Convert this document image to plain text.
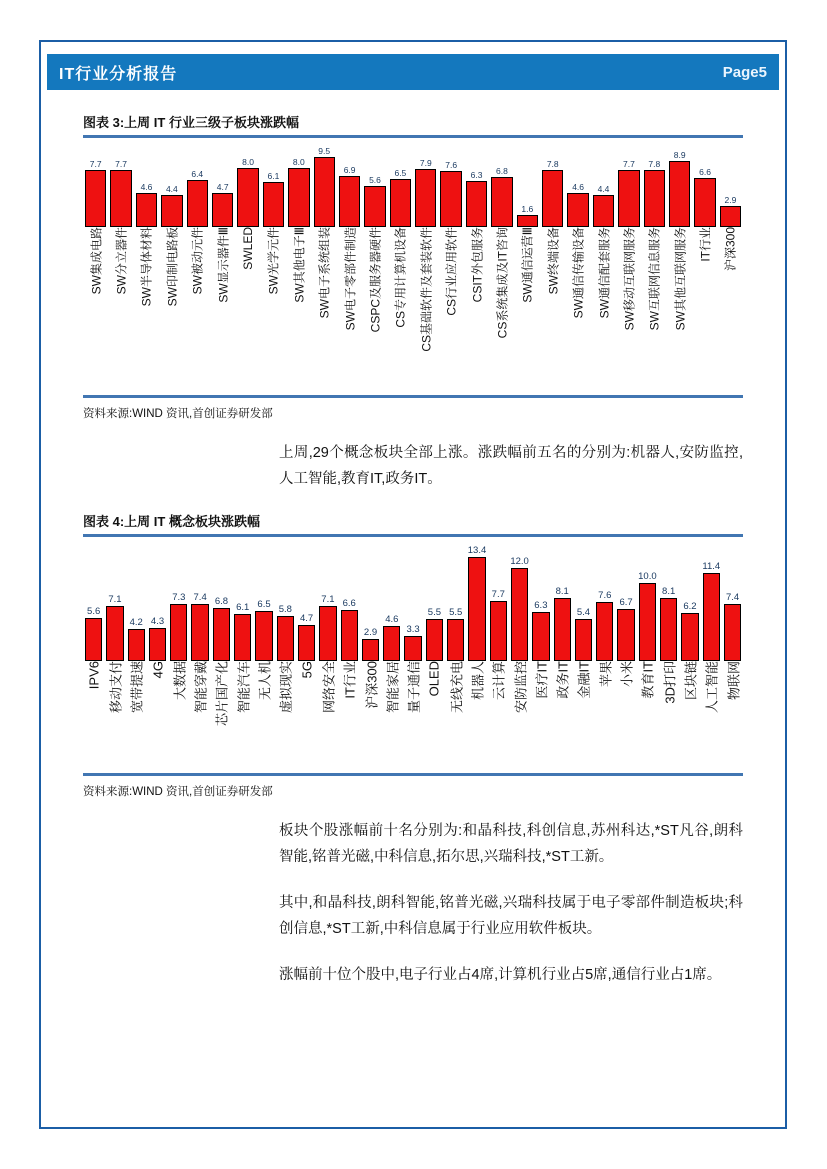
IT行业分析报告	Page5
图表 3:上周 IT 行业三级子板块涨跌幅
7.7
SW集成电路
7.7
SW分立器件
4.6
SW半导体材料
4.4
SW印制电路板
6.4
SW被动元件
4.7
SW显示器件Ⅲ
8.0
SWLED
6.1
SW光学元件
8.0
SW其他电子Ⅲ
9.5
SW电子系统组装
6.9
SW电子零部件制造
5.6
CSPC及服务器硬件
6.5
CS专用计算机设备
7.9
CS基础软件及套装软件
7.6
CS行业应用软件
6.3
CSIT外包服务
6.8
CS系统集成及IT咨询
1.6
SW通信运营Ⅲ
7.8
SW终端设备
4.6
SW通信传输设备
4.4
SW通信配套服务
7.7
SW移动互联网服务
7.8
SW互联网信息服务
8.9
SW其他互联网服务
6.6
IT行业
2.9
沪深300
资料来源:WIND 资讯,首创证券研发部
上周,29个概念板块全部上涨。涨跌幅前五名的分别为:机器人,安防监控,人工智能,教育IT,政务IT。
图表 4:上周 IT 概念板块涨跌幅
5.6
IPV6
7.1
移动支付
4.2
宽带提速
4.3
4G
7.3
大数据
7.4
智能穿戴
6.8
芯片国产化
6.1
智能汽车
6.5
无人机
5.8
虚拟现实
4.7
5G
7.1
网络安全
6.6
IT行业
2.9
沪深300
4.6
智能家居
3.3
量子通信
5.5
OLED
5.5
无线充电
13.4
机器人
7.7
云计算
12.0
安防监控
6.3
医疗IT
8.1
政务IT
5.4
金融IT
7.6
苹果
6.7
小米
10.0
教育IT
8.1
3D打印
6.2
区块链
11.4
人工智能
7.4
物联网
资料来源:WIND 资讯,首创证券研发部
板块个股涨幅前十名分别为:和晶科技,科创信息,苏州科达,*ST凡谷,朗科智能,铭普光磁,中科信息,拓尔思,兴瑞科技,*ST工新。
其中,和晶科技,朗科智能,铭普光磁,兴瑞科技属于电子零部件制造板块;科创信息,*ST工新,中科信息属于行业应用软件板块。
涨幅前十位个股中,电子行业占4席,计算机行业占5席,通信行业占1席。
